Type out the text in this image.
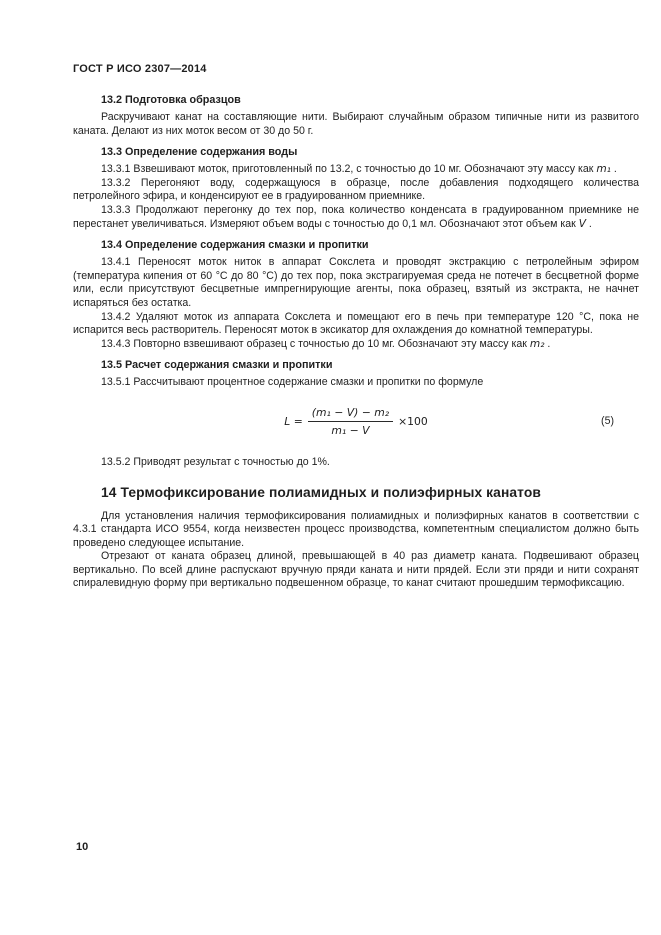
ГОСТ Р ИСО 2307—2014
13.2 Подготовка образцов

Раскручивают канат на составляющие нити. Выбирают случайным образом типичные нити из развитого каната. Делают из них моток весом от 30 до 50 г.

13.3 Определение содержания воды

13.3.1 Взвешивают моток, приготовленный по 13.2, с точностью до 10 мг. Обозначают эту массу как m₁ .

13.3.2 Перегоняют воду, содержащуюся в образце, после добавления подходящего количества петролейного эфира, и конденсируют ее в градуированном приемнике.

13.3.3 Продолжают перегонку до тех пор, пока количество конденсата в градуированном приемнике не перестанет увеличиваться. Измеряют объем воды с точностью до 0,1 мл. Обозначают этот объем как V .

13.4 Определение содержания смазки и пропитки

13.4.1 Переносят моток ниток в аппарат Сокслета и проводят экстракцию с петролейным эфиром (температура кипения от 60 °С до 80 °С) до тех пор, пока экстрагируемая среда не потечет в бесцветной форме или, если присутствуют бесцветные импрегнирующие агенты, пока образец, взятый из экстракта, не начнет испаряться без остатка.

13.4.2 Удаляют моток из аппарата Сокслета и помещают его в печь при температуре 120 °С, пока не испарится весь растворитель. Переносят моток в эксикатор для охлаждения до комнатной температуры.

13.4.3 Повторно взвешивают образец с точностью до 10 мг. Обозначают эту массу как m₂ .

13.5 Расчет содержания смазки и пропитки

13.5.1 Рассчитывают процентное содержание смазки и пропитки по формуле

$L = \frac{\text{(m₁ − V) − m₂}}{\text{m₁ − V}} \times 100$	(5)

13.5.2 Приводят результат с точностью до 1%.

14 Термофиксирование полиамидных и полиэфирных канатов

Для установления наличия термофиксирования полиамидных и полиэфирных канатов в соответствии с 4.3.1 стандарта ИСО 9554, когда неизвестен процесс производства, компетентным специалистом должно быть проведено следующее испытание.

Отрезают от каната образец длиной, превышающей в 40 раз диаметр каната. Подвешивают образец вертикально. По всей длине распускают вручную пряди каната и нити прядей. Если эти пряди и нити сохранят спиралевидную форму при вертикально подвешенном образце, то канат считают прошедшим термофиксацию.

10
